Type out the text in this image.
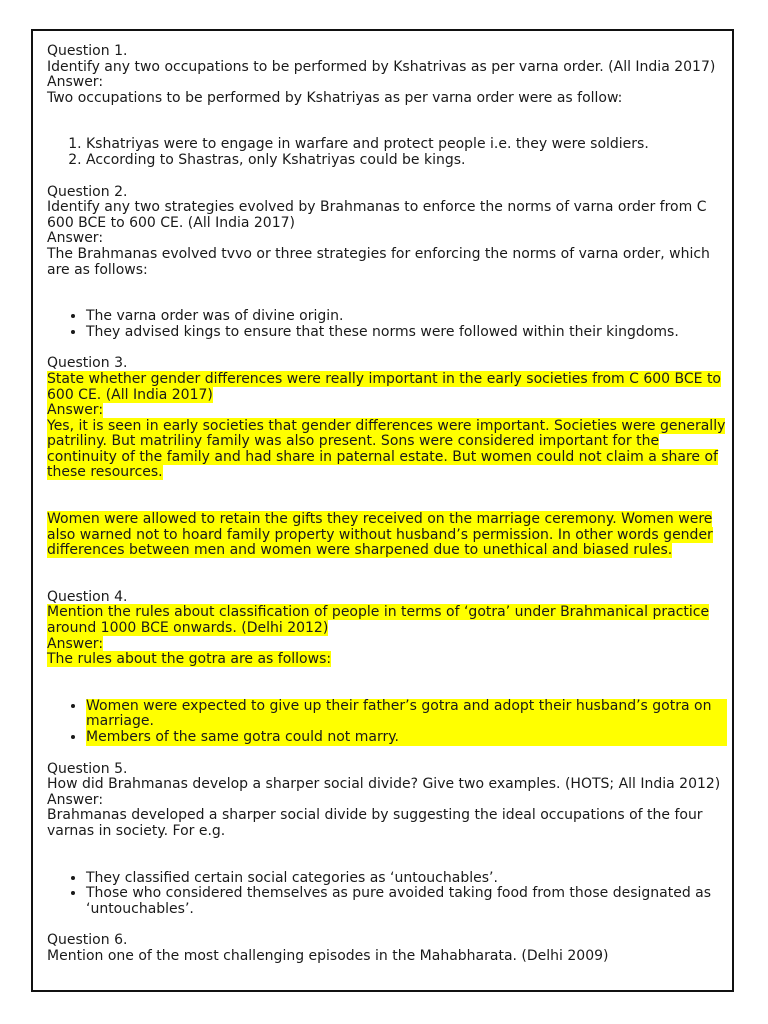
Question 1.
Identify any two occupations to be performed by Kshatrivas as per varna order. (All India 2017)
Answer:
Two occupations to be performed by Kshatriyas as per varna order were as follow:
1. Kshatriyas were to engage in warfare and protect people i.e. they were soldiers.
2. According to Shastras, only Kshatriyas could be kings.
Question 2.
Identify any two strategies evolved by Brahmanas to enforce the norms of varna order from C 600 BCE to 600 CE. (All India 2017)
Answer:
The Brahmanas evolved tvvo or three strategies for enforcing the norms of varna order, which are as follows:
• The varna order was of divine origin.
• They advised kings to ensure that these norms were followed within their kingdoms.
Question 3.
State whether gender differences were really important in the early societies from C 600 BCE to 600 CE. (All India 2017)
Answer:
Yes, it is seen in early societies that gender differences were important. Societies were generally patriliny. But matriliny family was also present. Sons were considered important for the continuity of the family and had share in paternal estate. But women could not claim a share of these resources.
Women were allowed to retain the gifts they received on the marriage ceremony. Women were also warned not to hoard family property without husband’s permission. In other words gender differences between men and women were sharpened due to unethical and biased rules.
Question 4.
Mention the rules about classification of people in terms of ‘gotra’ under Brahmanical practice around 1000 BCE onwards. (Delhi 2012)
Answer:
The rules about the gotra are as follows:
• Women were expected to give up their father’s gotra and adopt their husband’s gotra on marriage.
• Members of the same gotra could not marry.
Question 5.
How did Brahmanas develop a sharper social divide? Give two examples. (HOTS; All India 2012)
Answer:
Brahmanas developed a sharper social divide by suggesting the ideal occupations of the four varnas in society. For e.g.
• They classified certain social categories as ‘untouchables’.
• Those who considered themselves as pure avoided taking food from those designated as ‘untouchables’.
Question 6.
Mention one of the most challenging episodes in the Mahabharata. (Delhi 2009)
